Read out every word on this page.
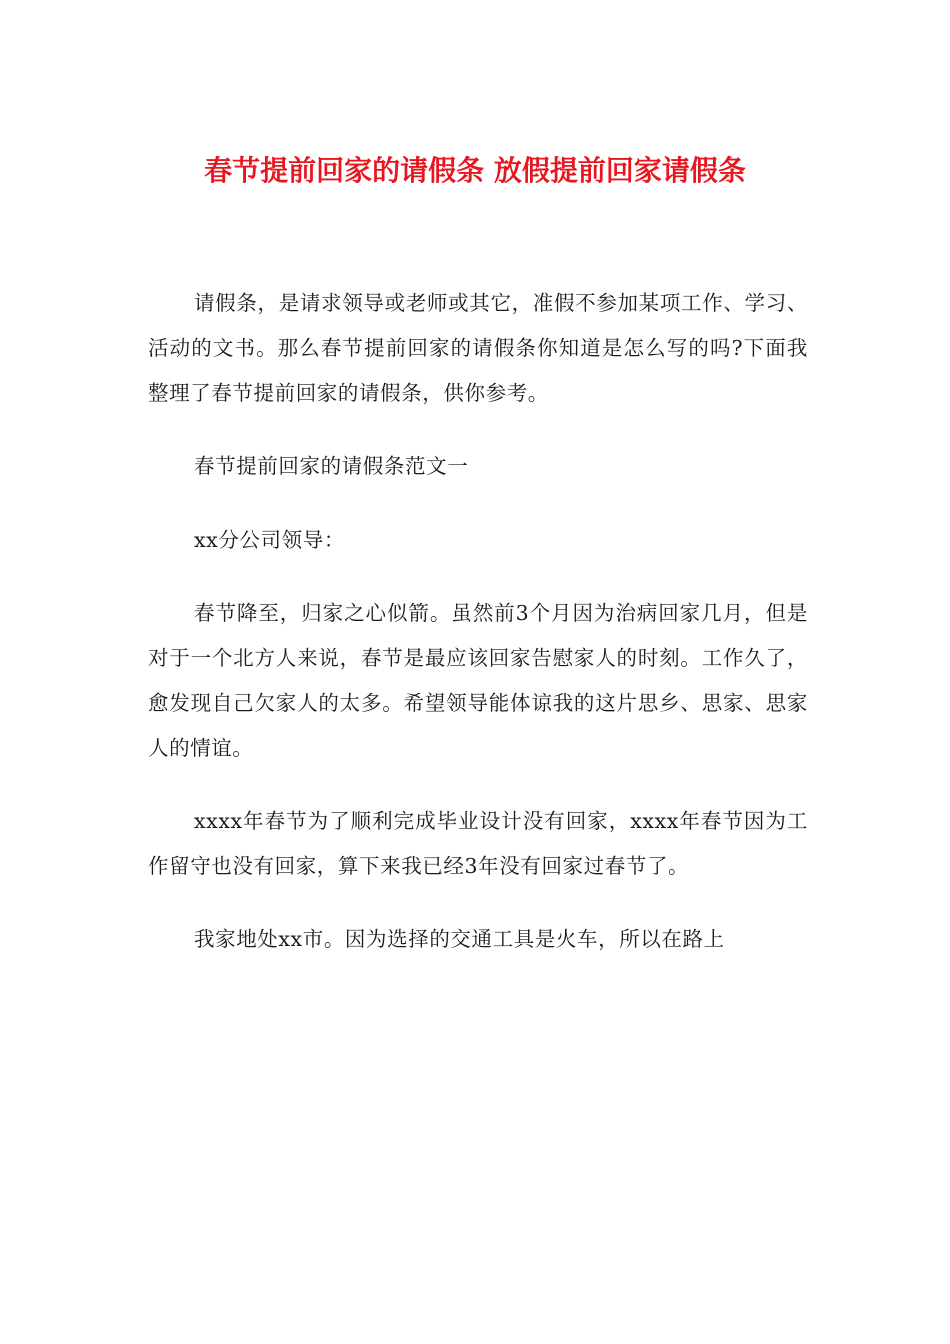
春节提前回家的请假条 放假提前回家请假条

请假条，是请求领导或老师或其它，准假不参加某项工作、学习、活动的文书。那么春节提前回家的请假条你知道是怎么写的吗?下面我整理了春节提前回家的请假条，供你参考。

春节提前回家的请假条范文一

xx分公司领导：

春节降至，归家之心似箭。虽然前3个月因为治病回家几月，但是对于一个北方人来说，春节是最应该回家告慰家人的时刻。工作久了，愈发现自己欠家人的太多。希望领导能体谅我的这片思乡、思家、思家人的情谊。

xxxx年春节为了顺利完成毕业设计没有回家，xxxx年春节因为工作留守也没有回家，算下来我已经3年没有回家过春节了。

我家地处xx市。因为选择的交通工具是火车，所以在路上
